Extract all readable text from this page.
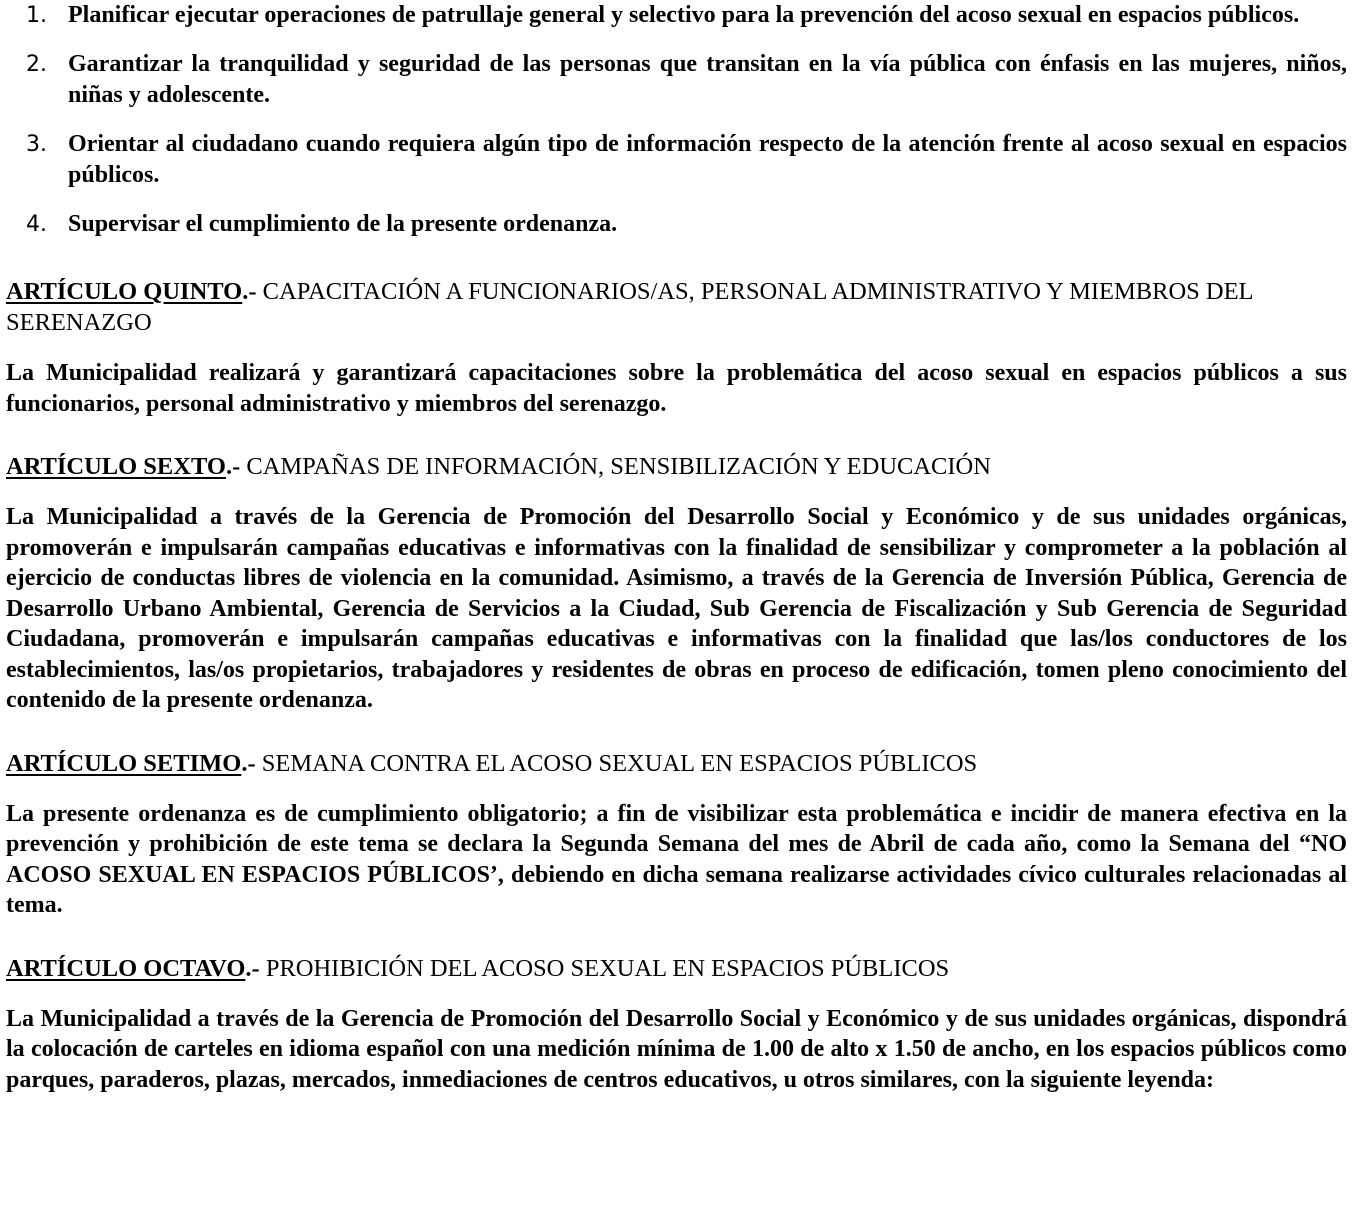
1. Planificar ejecutar operaciones de patrullaje general y selectivo para la prevención del acoso sexual en espacios públicos.
2. Garantizar la tranquilidad y seguridad de las personas que transitan en la vía pública con énfasis en las mujeres, niños, niñas y adolescente.
3. Orientar al ciudadano cuando requiera algún tipo de información respecto de la atención frente al acoso sexual en espacios públicos.
4. Supervisar el cumplimiento de la presente ordenanza.
ARTÍCULO QUINTO.- CAPACITACIÓN A FUNCIONARIOS/AS, PERSONAL ADMINISTRATIVO Y MIEMBROS DEL SERENAZGO

La Municipalidad realizará y garantizará capacitaciones sobre la problemática del acoso sexual en espacios públicos a sus funcionarios, personal administrativo y miembros del serenazgo.

ARTÍCULO SEXTO.- CAMPAÑAS DE INFORMACIÓN, SENSIBILIZACIÓN Y EDUCACIÓN

La Municipalidad a través de la Gerencia de Promoción del Desarrollo Social y Económico y de sus unidades orgánicas, promoverán e impulsarán campañas educativas e informativas con la finalidad de sensibilizar y comprometer a la población al ejercicio de conductas libres de violencia en la comunidad. Asimismo, a través de la Gerencia de Inversión Pública, Gerencia de Desarrollo Urbano Ambiental, Gerencia de Servicios a la Ciudad, Sub Gerencia de Fiscalización y Sub Gerencia de Seguridad Ciudadana, promoverán e impulsarán campañas educativas e informativas con la finalidad que las/los conductores de los establecimientos, las/os propietarios, trabajadores y residentes de obras en proceso de edificación, tomen pleno conocimiento del contenido de la presente ordenanza.

ARTÍCULO SETIMO.- SEMANA CONTRA EL ACOSO SEXUAL EN ESPACIOS PÚBLICOS

La presente ordenanza es de cumplimiento obligatorio; a fin de visibilizar esta problemática e incidir de manera efectiva en la prevención y prohibición de este tema se declara la Segunda Semana del mes de Abril de cada año, como la Semana del “NO ACOSO SEXUAL EN ESPACIOS PÚBLICOS’, debiendo en dicha semana realizarse actividades cívico culturales relacionadas al tema.

ARTÍCULO OCTAVO.- PROHIBICIÓN DEL ACOSO SEXUAL EN ESPACIOS PÚBLICOS

La Municipalidad a través de la Gerencia de Promoción del Desarrollo Social y Económico y de sus unidades orgánicas, dispondrá la colocación de carteles en idioma español con una medición mínima de 1.00 de alto x 1.50 de ancho, en los espacios públicos como parques, paraderos, plazas, mercados, inmediaciones de centros educativos, u otros similares, con la siguiente leyenda:
